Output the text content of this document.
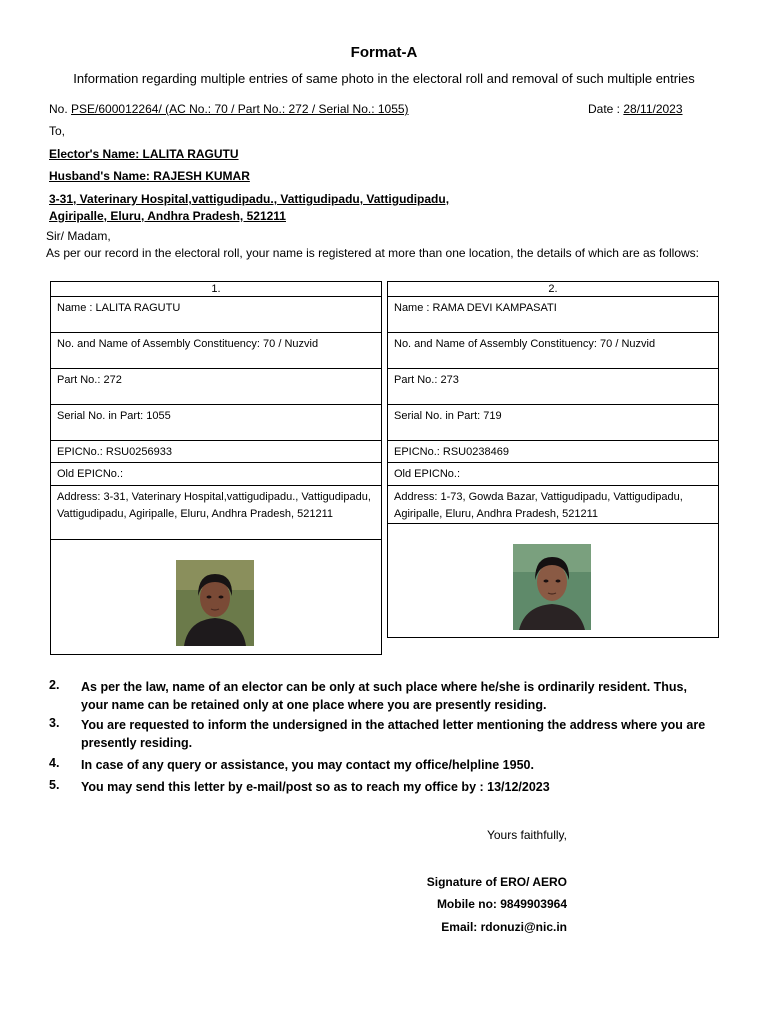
Format-A
Information regarding multiple entries of same photo in the electoral roll and removal of such multiple entries
No. PSE/600012264/ (AC No.: 70 / Part No.: 272 / Serial No.: 1055)	Date : 28/11/2023
To,
Elector's Name: LALITA RAGUTU
Husband's Name: RAJESH KUMAR
3-31, Vaterinary Hospital,vattigudipadu., Vattigudipadu, Vattigudipadu,
Agiripalle, Eluru, Andhra Pradesh, 521211
Sir/ Madam,
As per our record in the electoral roll, your name is registered at more than one location, the details of which are as follows:
1.
Name : LALITA RAGUTU
No. and Name of Assembly Constituency: 70 / Nuzvid
Part No.: 272
Serial No. in Part: 1055
EPICNo.: RSU0256933
Old EPICNo.:
Address: 3-31, Vaterinary Hospital,vattigudipadu., Vattigudipadu, Vattigudipadu, Agiripalle, Eluru, Andhra Pradesh, 521211
2.
Name : RAMA DEVI KAMPASATI
No. and Name of Assembly Constituency: 70 / Nuzvid
Part No.: 273
Serial No. in Part: 719
EPICNo.: RSU0238469
Old EPICNo.:
Address: 1-73, Gowda Bazar, Vattigudipadu, Vattigudipadu, Agiripalle, Eluru, Andhra Pradesh, 521211
2. As per the law, name of an elector can be only at such place where he/she is ordinarily resident. Thus, your name can be retained only at one place where you are presently residing.
3. You are requested to inform the undersigned in the attached letter mentioning the address where you are presently residing.
4. In case of any query or assistance, you may contact my office/helpline 1950.
5. You may send this letter by e-mail/post so as to reach my office by : 13/12/2023
Yours faithfully,
Signature of ERO/ AERO
Mobile no: 9849903964
Email: rdonuzi@nic.in
